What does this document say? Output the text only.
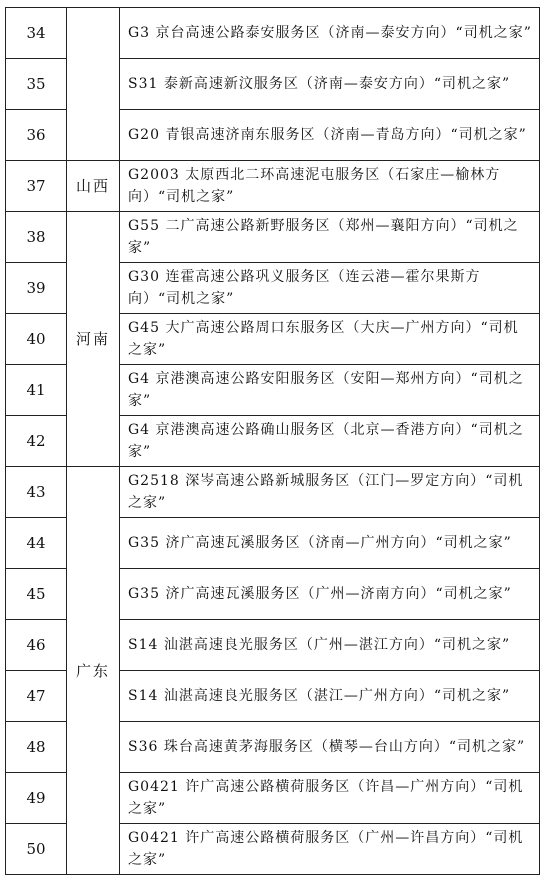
34		G3 京台高速公路泰安服务区（济南—泰安方向）“司机之家”
35		S31 泰新高速新汶服务区（济南—泰安方向）“司机之家”
36		G20 青银高速济南东服务区（济南—青岛方向）“司机之家”
37	山西	G2003 太原西北二环高速泥屯服务区（石家庄—榆林方向）“司机之家”
38	河南	G55 二广高速公路新野服务区（郑州—襄阳方向）“司机之家”
39		G30 连霍高速公路巩义服务区（连云港—霍尔果斯方向）“司机之家”
40		G45 大广高速公路周口东服务区（大庆—广州方向）“司机之家”
41		G4 京港澳高速公路安阳服务区（安阳—郑州方向）“司机之家”
42		G4 京港澳高速公路确山服务区（北京—香港方向）“司机之家”
43	广东	G2518 深岑高速公路新城服务区（江门—罗定方向）“司机之家”
44		G35 济广高速瓦溪服务区（济南—广州方向）“司机之家”
45		G35 济广高速瓦溪服务区（广州—济南方向）“司机之家”
46		S14 汕湛高速良光服务区（广州—湛江方向）“司机之家”
47		S14 汕湛高速良光服务区（湛江—广州方向）“司机之家”
48		S36 珠台高速黄茅海服务区（横琴—台山方向）“司机之家”
49		G0421 许广高速公路横荷服务区（许昌—广州方向）“司机之家”
50		G0421 许广高速公路横荷服务区（广州—许昌方向）“司机之家”
